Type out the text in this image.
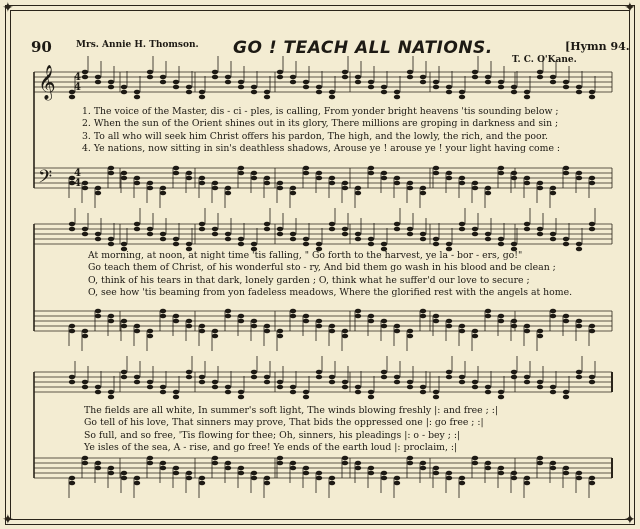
✦	✦
✦	✦
90	Mrs. Annie H. Thomson. GO ! TEACH ALL NATIONS.	[Hymn 94.
T. C. O'Kane.
𝄞
𝄢
4
4
4
4
1. The voice of the Master, dis - ci - ples, is calling, From yonder bright heavens 'tis sounding below ;
2. When the sun of the Orient shines out in its glory, There millions are groping in darkness and sin ;
3. To all who will seek him Christ offers his pardon, The high, and the lowly, the rich, and the poor.
4. Ye nations, now sitting in sin's deathless shadows, Arouse ye ! arouse ye ! your light having come :
At morning, at noon, at night time 'tis falling, " Go forth to the harvest, ye la - bor - ers, go!"
Go teach them of Christ, of his wonderful sto - ry, And bid them go wash in his blood and be clean ;
O, think of his tears in that dark, lonely garden ; O, think what he suffer'd our love to secure ;
O, see how 'tis beaming from yon fadeless meadows, Where the glorified rest with the angels at home.
The fields are all white, In summer's soft light, The winds blowing freshly |: and free ; :|
Go tell of his love, That sinners may prove, That bids the oppressed one |: go free ; :|
So full, and so free, 'Tis flowing for thee; Oh, sinners, his pleadings |: o - bey ; :|
Ye isles of the sea, A - rise, and go free! Ye ends of the earth loud |: proclaim, :|
